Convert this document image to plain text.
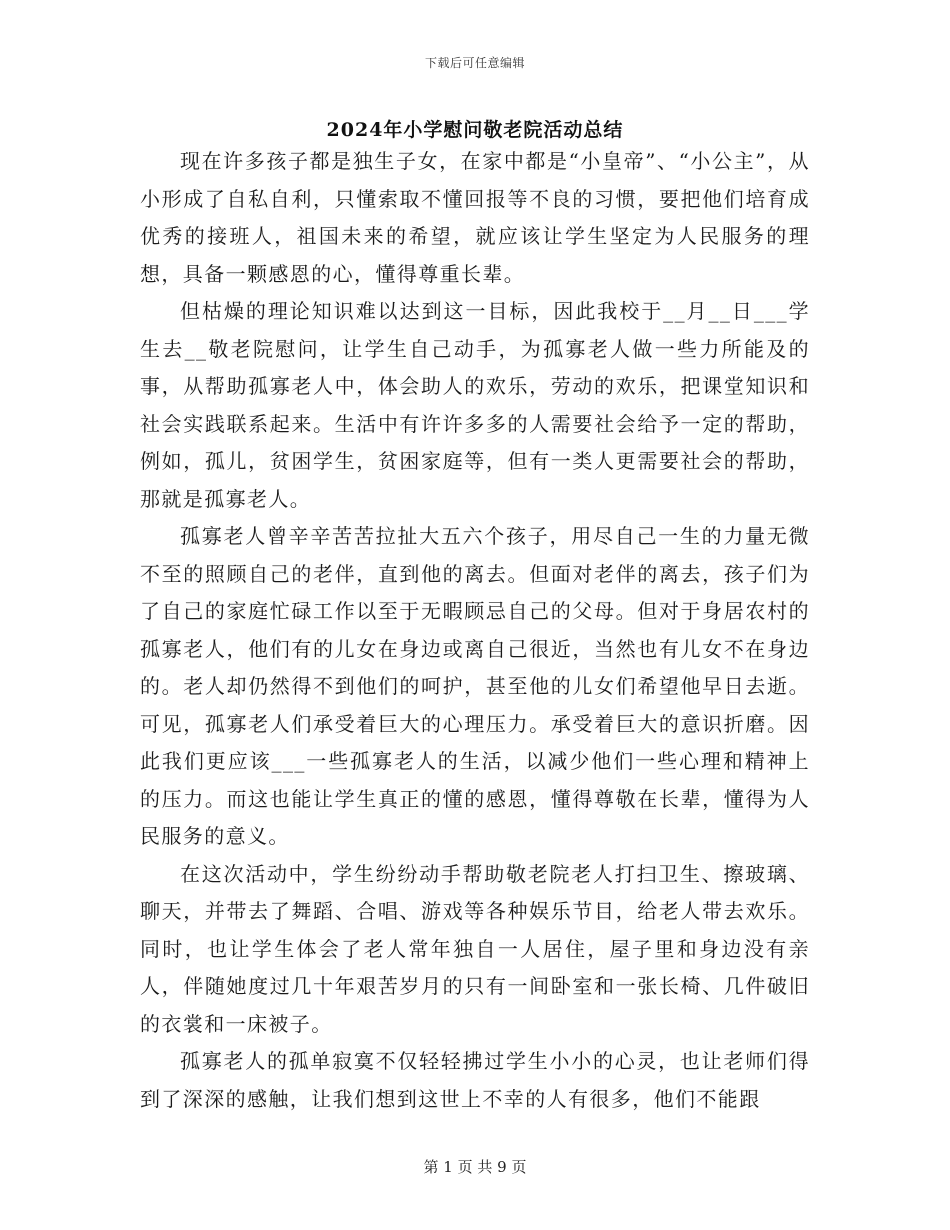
下载后可任意编辑
2024年小学慰问敬老院活动总结

现在许多孩子都是独生子女，在家中都是“小皇帝”、“小公主”，从小形成了自私自利，只懂索取不懂回报等不良的习惯，要把他们培育成优秀的接班人，祖国未来的希望，就应该让学生坚定为人民服务的理想，具备一颗感恩的心，懂得尊重长辈。

但枯燥的理论知识难以达到这一目标，因此我校于__月__日___学生去__敬老院慰问，让学生自己动手，为孤寡老人做一些力所能及的事，从帮助孤寡老人中，体会助人的欢乐，劳动的欢乐，把课堂知识和社会实践联系起来。生活中有许许多多的人需要社会给予一定的帮助，例如，孤儿，贫困学生，贫困家庭等，但有一类人更需要社会的帮助，那就是孤寡老人。

孤寡老人曾辛辛苦苦拉扯大五六个孩子，用尽自己一生的力量无微不至的照顾自己的老伴，直到他的离去。但面对老伴的离去，孩子们为了自己的家庭忙碌工作以至于无暇顾忌自己的父母。但对于身居农村的孤寡老人，他们有的儿女在身边或离自己很近，当然也有儿女不在身边的。老人却仍然得不到他们的呵护，甚至他的儿女们希望他早日去逝。可见，孤寡老人们承受着巨大的心理压力。承受着巨大的意识折磨。因此我们更应该___一些孤寡老人的生活，以减少他们一些心理和精神上的压力。而这也能让学生真正的懂的感恩，懂得尊敬在长辈，懂得为人民服务的意义。

在这次活动中，学生纷纷动手帮助敬老院老人打扫卫生、擦玻璃、聊天，并带去了舞蹈、合唱、游戏等各种娱乐节目，给老人带去欢乐。同时，也让学生体会了老人常年独自一人居住，屋子里和身边没有亲人，伴随她度过几十年艰苦岁月的只有一间卧室和一张长椅、几件破旧的衣裳和一床被子。

孤寡老人的孤单寂寞不仅轻轻拂过学生小小的心灵，也让老师们得到了深深的感触，让我们想到这世上不幸的人有很多，他们不能跟

第 1 页 共 9 页
